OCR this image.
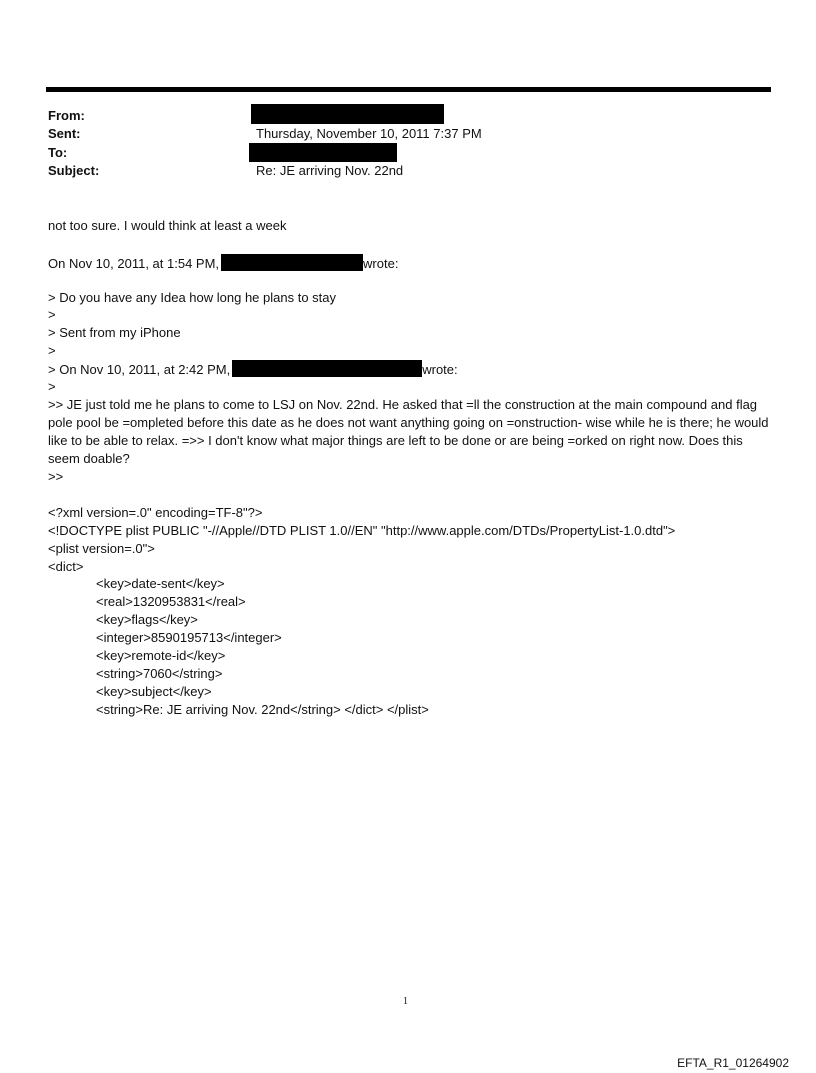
From:
Sent:	Thursday, November 10, 2011 7:37 PM
To:
Subject:	Re: JE arriving Nov. 22nd
not too sure. I would think at least a week
On Nov 10, 2011, at 1:54 PM,	wrote:
> Do you have any Idea how long he plans to stay
>
> Sent from my iPhone
>
> On Nov 10, 2011, at 2:42 PM,	wrote:
>
>> JE just told me he plans to come to LSJ on Nov. 22nd. He asked that =ll the construction at the main compound and flag pole pool be =ompleted before this date as he does not want anything going on =onstruction- wise while he is there; he would like to be able to relax. =>> I don't know what major things are left to be done or are being =orked on right now. Does this seem doable?
>>
<?xml version=.0" encoding=TF-8"?>
<!DOCTYPE plist PUBLIC "-//Apple//DTD PLIST 1.0//EN" "http://www.apple.com/DTDs/PropertyList-1.0.dtd">
<plist version=.0">
<dict>
<key>date-sent</key>
<real>1320953831</real>
<key>flags</key>
<integer>8590195713</integer>
<key>remote-id</key>
<string>7060</string>
<key>subject</key>
<string>Re: JE arriving Nov. 22nd</string> </dict> </plist>
1
EFTA_R1_01264902
